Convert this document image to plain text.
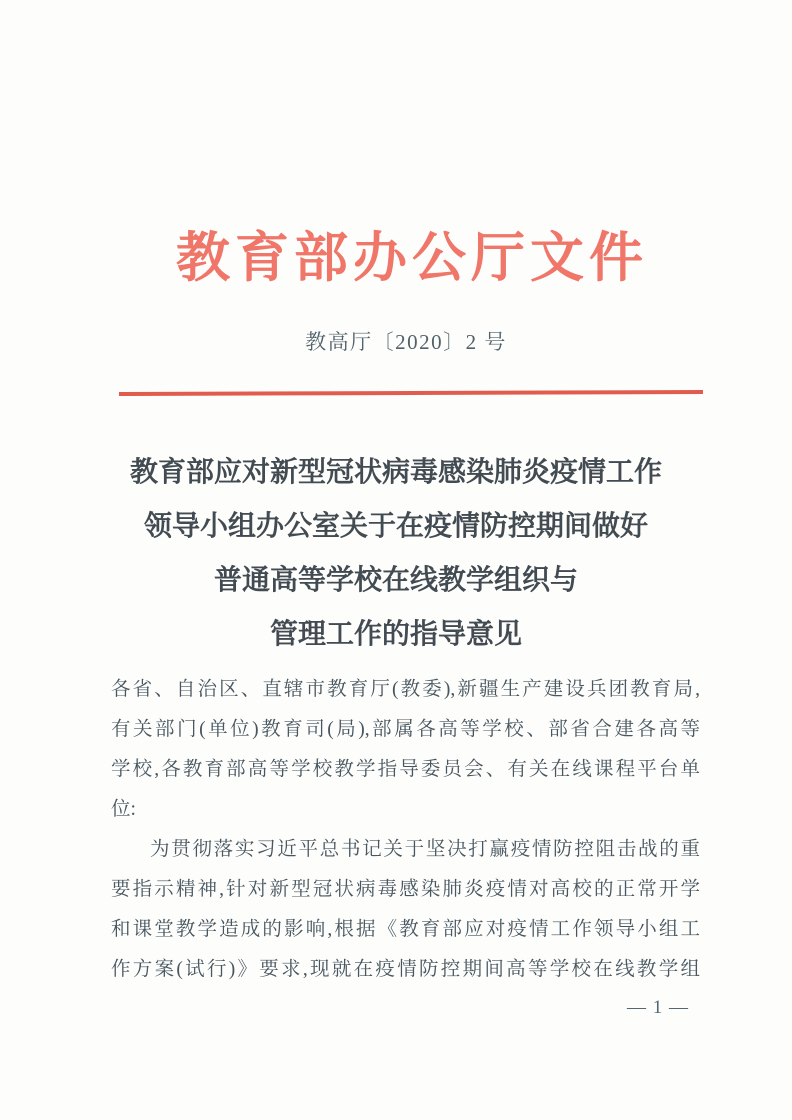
教育部办公厅文件
教高厅〔2020〕2 号
教育部应对新型冠状病毒感染肺炎疫情工作
领导小组办公室关于在疫情防控期间做好
普通高等学校在线教学组织与
管理工作的指导意见
各省、自治区、直辖市教育厅(教委),新疆生产建设兵团教育局,
有关部门(单位)教育司(局),部属各高等学校、部省合建各高等
学校,各教育部高等学校教学指导委员会、有关在线课程平台单
位:
为贯彻落实习近平总书记关于坚决打赢疫情防控阻击战的重
要指示精神,针对新型冠状病毒感染肺炎疫情对高校的正常开学
和课堂教学造成的影响,根据《教育部应对疫情工作领导小组工
作方案(试行)》要求,现就在疫情防控期间高等学校在线教学组
— 1 —
